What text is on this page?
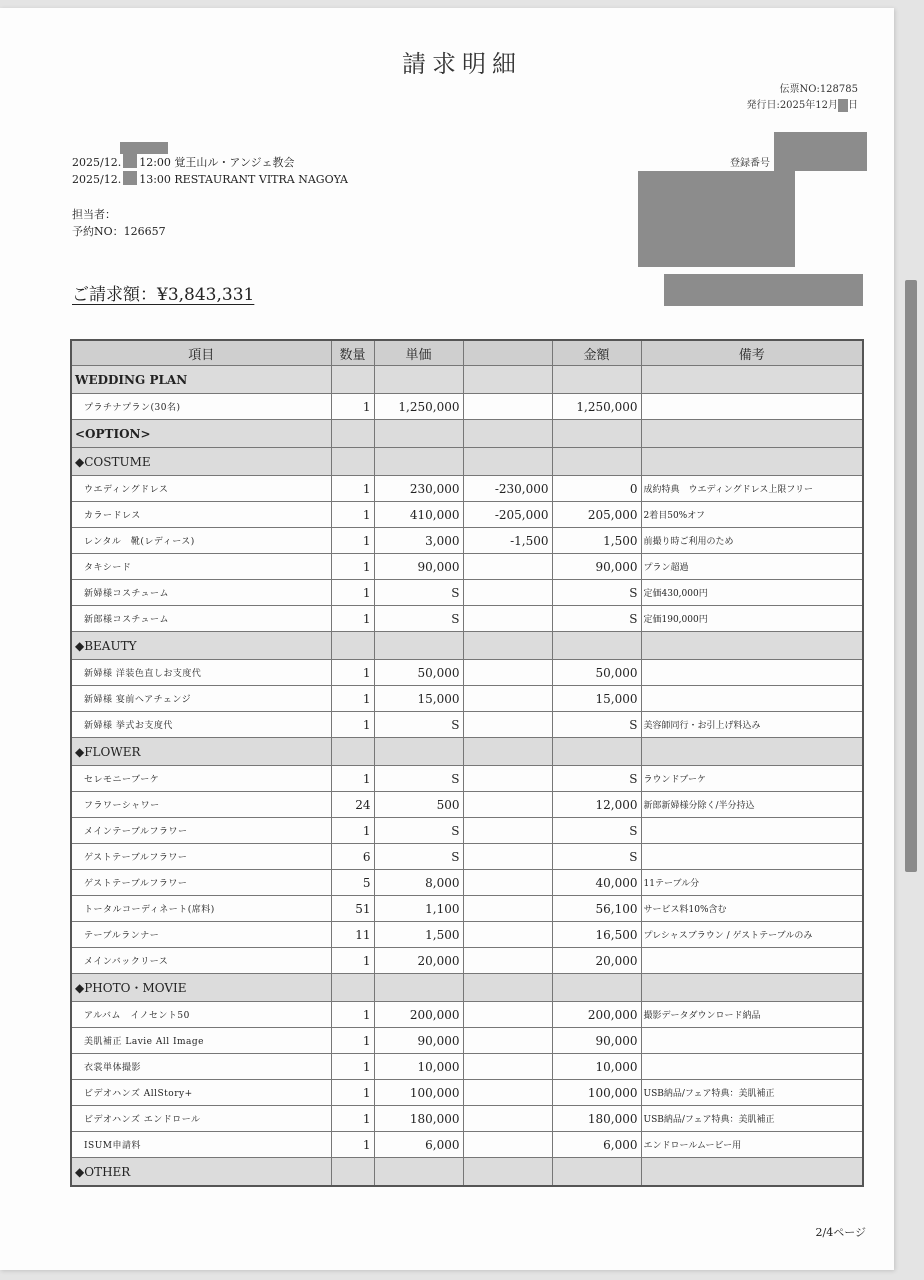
請求明細
伝票NO:128785
発行日:2025年12月 日
2025/12. 12:00 覚王山ル・アンジェ教会
2025/12. 13:00 RESTAURANT VITRA NAGOYA
担当者：
予約NO：126657
登録番号
ご請求額：¥3,843,331
項目	数量	単価		金額	備考
WEDDING PLAN					
プラチナプラン(30名)	1	1,250,000		1,250,000	
<OPTION>					
◆COSTUME					
ウエディングドレス	1	230,000	-230,000	0	成約特典　ウエディングドレス上限フリー
カラードレス	1	410,000	-205,000	205,000	2着目50%オフ
レンタル　靴(レディース)	1	3,000	-1,500	1,500	前撮り時ご利用のため
タキシード	1	90,000		90,000	プラン超過
新婦様コスチューム	1	S		S	定価430,000円
新郎様コスチューム	1	S		S	定価190,000円
◆BEAUTY					
新婦様 洋装色直しお支度代	1	50,000		50,000	
新婦様 宴前ヘアチェンジ	1	15,000		15,000	
新婦様 挙式お支度代	1	S		S	美容師同行・お引上げ料込み
◆FLOWER					
セレモニーブーケ	1	S		S	ラウンドブーケ
フラワーシャワー	24	500		12,000	新郎新婦様分除く/半分持込
メインテーブルフラワー	1	S		S	
ゲストテーブルフラワー	6	S		S	
ゲストテーブルフラワー	5	8,000		40,000	11テーブル分
トータルコーディネート(席料)	51	1,100		56,100	サービス料10%含む
テーブルランナー	11	1,500		16,500	プレシャスブラウン / ゲストテーブルのみ
メインバックリース	1	20,000		20,000	
◆PHOTO・MOVIE					
アルバム　イノセント50	1	200,000		200,000	撮影データダウンロード納品
美肌補正 Lavie All Image	1	90,000		90,000	
衣裳単体撮影	1	10,000		10,000	
ビデオハンズ AllStory+	1	100,000		100,000	USB納品/フェア特典：美肌補正
ビデオハンズ エンドロール	1	180,000		180,000	USB納品/フェア特典：美肌補正
ISUM申請料	1	6,000		6,000	エンドロールムービー用
◆OTHER					
2/4ページ
